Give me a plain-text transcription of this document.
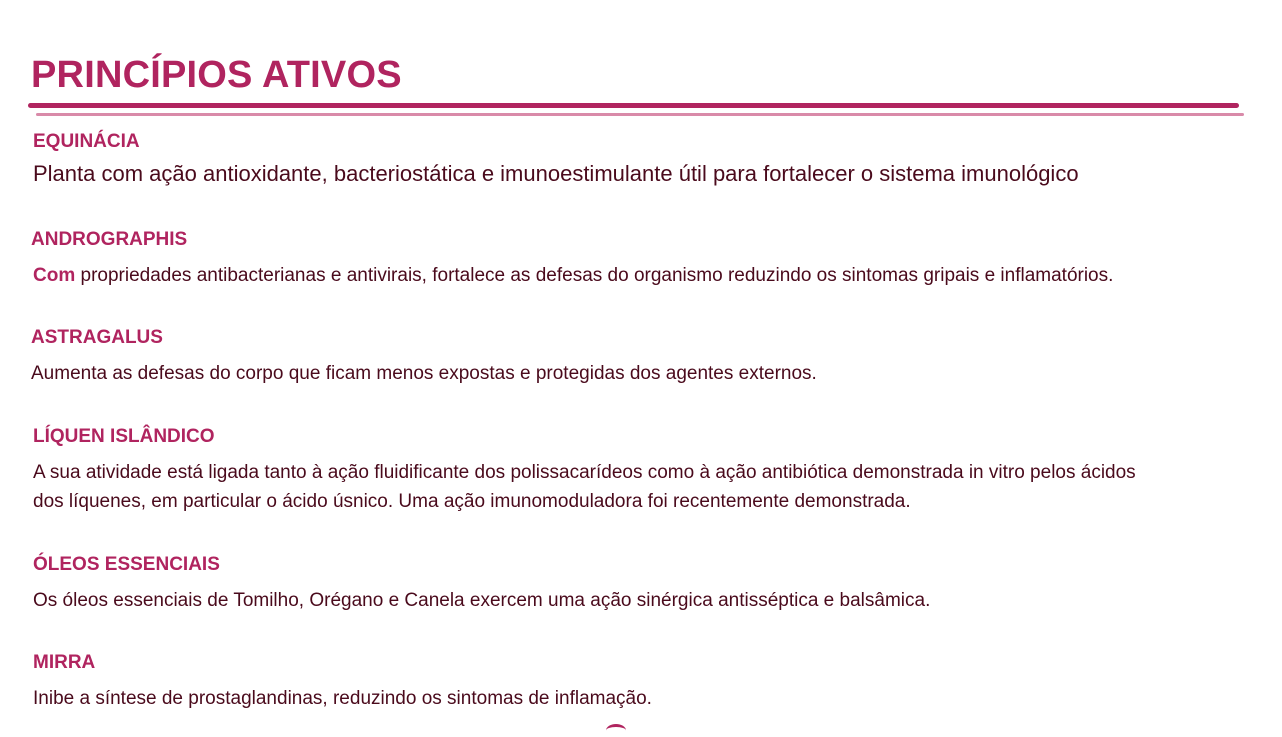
PRINCÍPIOS ATIVOS
EQUINÁCIA

Planta com ação antioxidante, bacteriostática e imunoestimulante útil para fortalecer o sistema imunológico

ANDROGRAPHIS

Com propriedades antibacterianas e antivirais, fortalece as defesas do organismo reduzindo os sintomas gripais e inflamatórios.

ASTRAGALUS

Aumenta as defesas do corpo que ficam menos expostas e protegidas dos agentes externos.

LÍQUEN ISLÂNDICO

A sua atividade está ligada tanto à ação fluidificante dos polissacarídeos como à ação antibiótica demonstrada in vitro pelos ácidos

dos líquenes, em particular o ácido úsnico. Uma ação imunomoduladora foi recentemente demonstrada.

ÓLEOS ESSENCIAIS

Os óleos essenciais de Tomilho, Orégano e Canela exercem uma ação sinérgica antisséptica e balsâmica.

MIRRA

Inibe a síntese de prostaglandinas, reduzindo os sintomas de inflamação.
